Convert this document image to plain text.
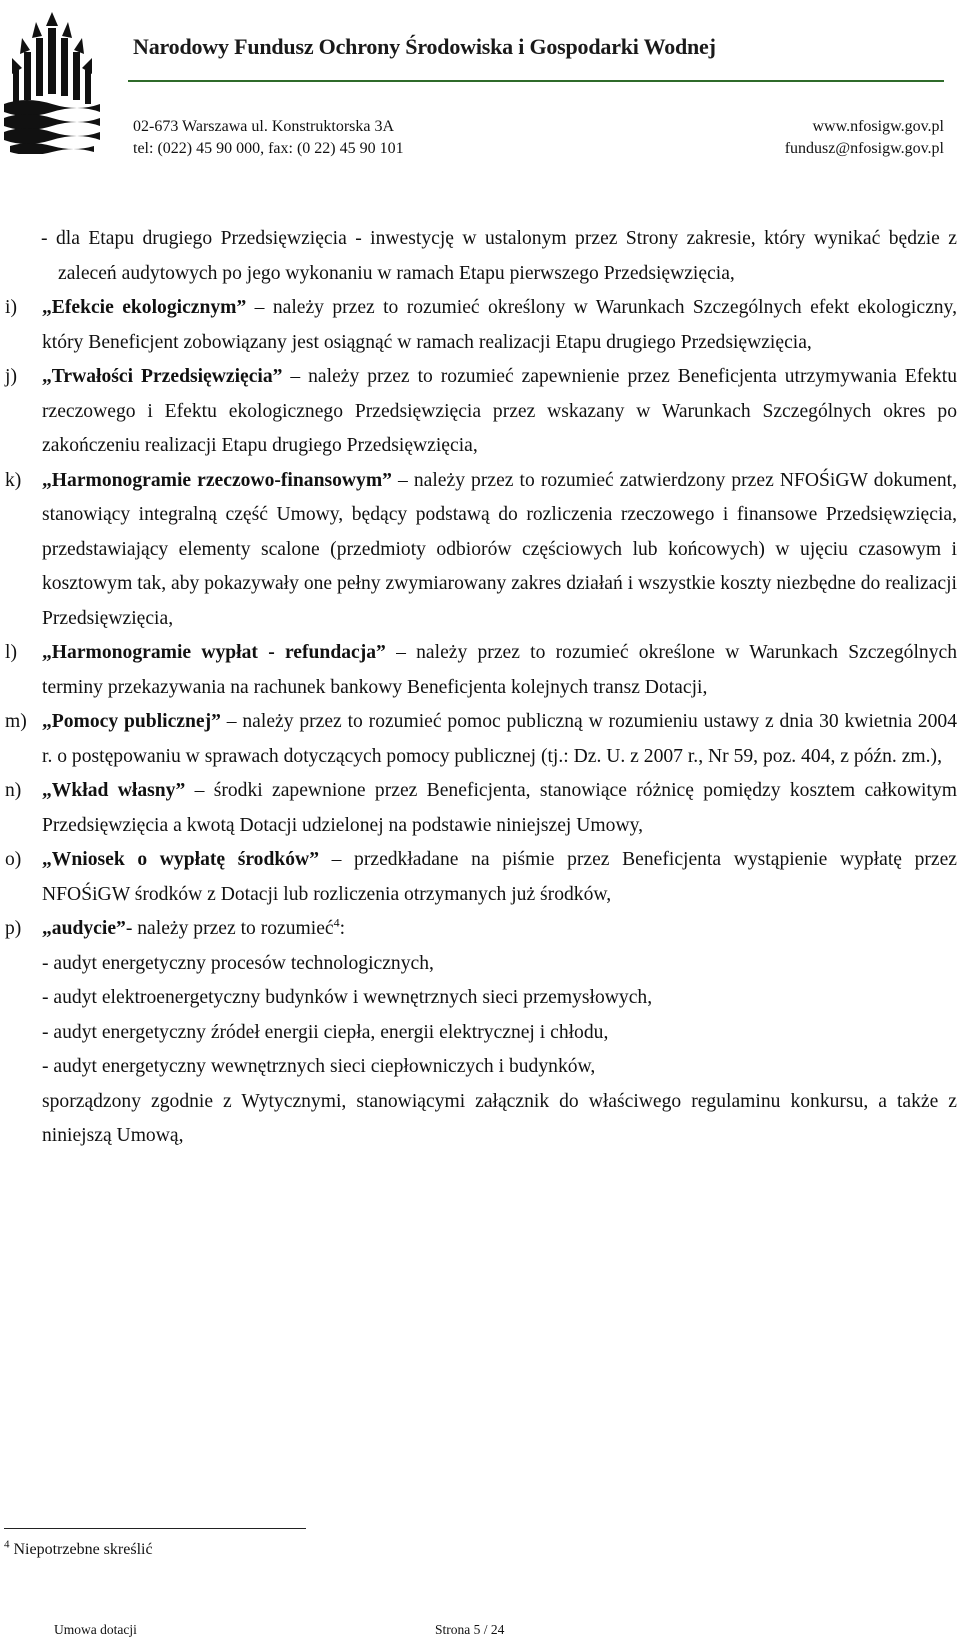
Narodowy Fundusz Ochrony Środowiska i Gospodarki Wodnej
02-673 Warszawa ul. Konstruktorska 3A
tel: (022) 45 90 000, fax: (0 22) 45 90 101
www.nfosigw.gov.pl
fundusz@nfosigw.gov.pl

- dla Etapu drugiego Przedsięwzięcia - inwestycję w ustalonym przez Strony zakresie, który wynikać będzie z zaleceń audytowych po jego wykonaniu w ramach Etapu pierwszego Przedsięwzięcia,

i) „Efekcie ekologicznym” – należy przez to rozumieć określony w Warunkach Szczególnych efekt ekologiczny, który Beneficjent zobowiązany jest osiągnąć w ramach realizacji Etapu drugiego Przedsięwzięcia,

j) „Trwałości Przedsięwzięcia” – należy przez to rozumieć zapewnienie przez Beneficjenta utrzymywania Efektu rzeczowego i Efektu ekologicznego Przedsięwzięcia przez wskazany w Warunkach Szczególnych okres po zakończeniu realizacji Etapu drugiego Przedsięwzięcia,

k) „Harmonogramie rzeczowo-finansowym” – należy przez to rozumieć zatwierdzony przez NFOŚiGW dokument, stanowiący integralną część Umowy, będący podstawą do rozliczenia rzeczowego i finansowe Przedsięwzięcia, przedstawiający elementy scalone (przedmioty odbiorów częściowych lub końcowych) w ujęciu czasowym i kosztowym tak, aby pokazywały one pełny zwymiarowany zakres działań i wszystkie koszty niezbędne do realizacji Przedsięwzięcia,

l) „Harmonogramie wypłat - refundacja” – należy przez to rozumieć określone w Warunkach Szczególnych terminy przekazywania na rachunek bankowy Beneficjenta kolejnych transz Dotacji,

m) „Pomocy publicznej” – należy przez to rozumieć pomoc publiczną w rozumieniu ustawy z dnia 30 kwietnia 2004 r. o postępowaniu w sprawach dotyczących pomocy publicznej (tj.: Dz. U. z 2007 r., Nr 59, poz. 404, z późn. zm.),

n) „Wkład własny” – środki zapewnione przez Beneficjenta, stanowiące różnicę pomiędzy kosztem całkowitym Przedsięwzięcia a kwotą Dotacji udzielonej na podstawie niniejszej Umowy,

o) „Wniosek o wypłatę środków” – przedkładane na piśmie przez Beneficjenta wystąpienie wypłatę przez NFOŚiGW środków z Dotacji lub rozliczenia otrzymanych już środków,

p) „audycie”- należy przez to rozumieć$^4$:

- audyt energetyczny procesów technologicznych,
- audyt elektroenergetyczny budynków i wewnętrznych sieci przemysłowych,
- audyt energetyczny źródeł energii ciepła, energii elektrycznej i chłodu,
- audyt energetyczny wewnętrznych sieci ciepłowniczych i budynków,

sporządzony zgodnie z Wytycznymi, stanowiącymi załącznik do właściwego regulaminu konkursu, a także z niniejszą Umową,

$^4$ Niepotrzebne skreślić
Umowa dotacji	Strona 5 / 24
